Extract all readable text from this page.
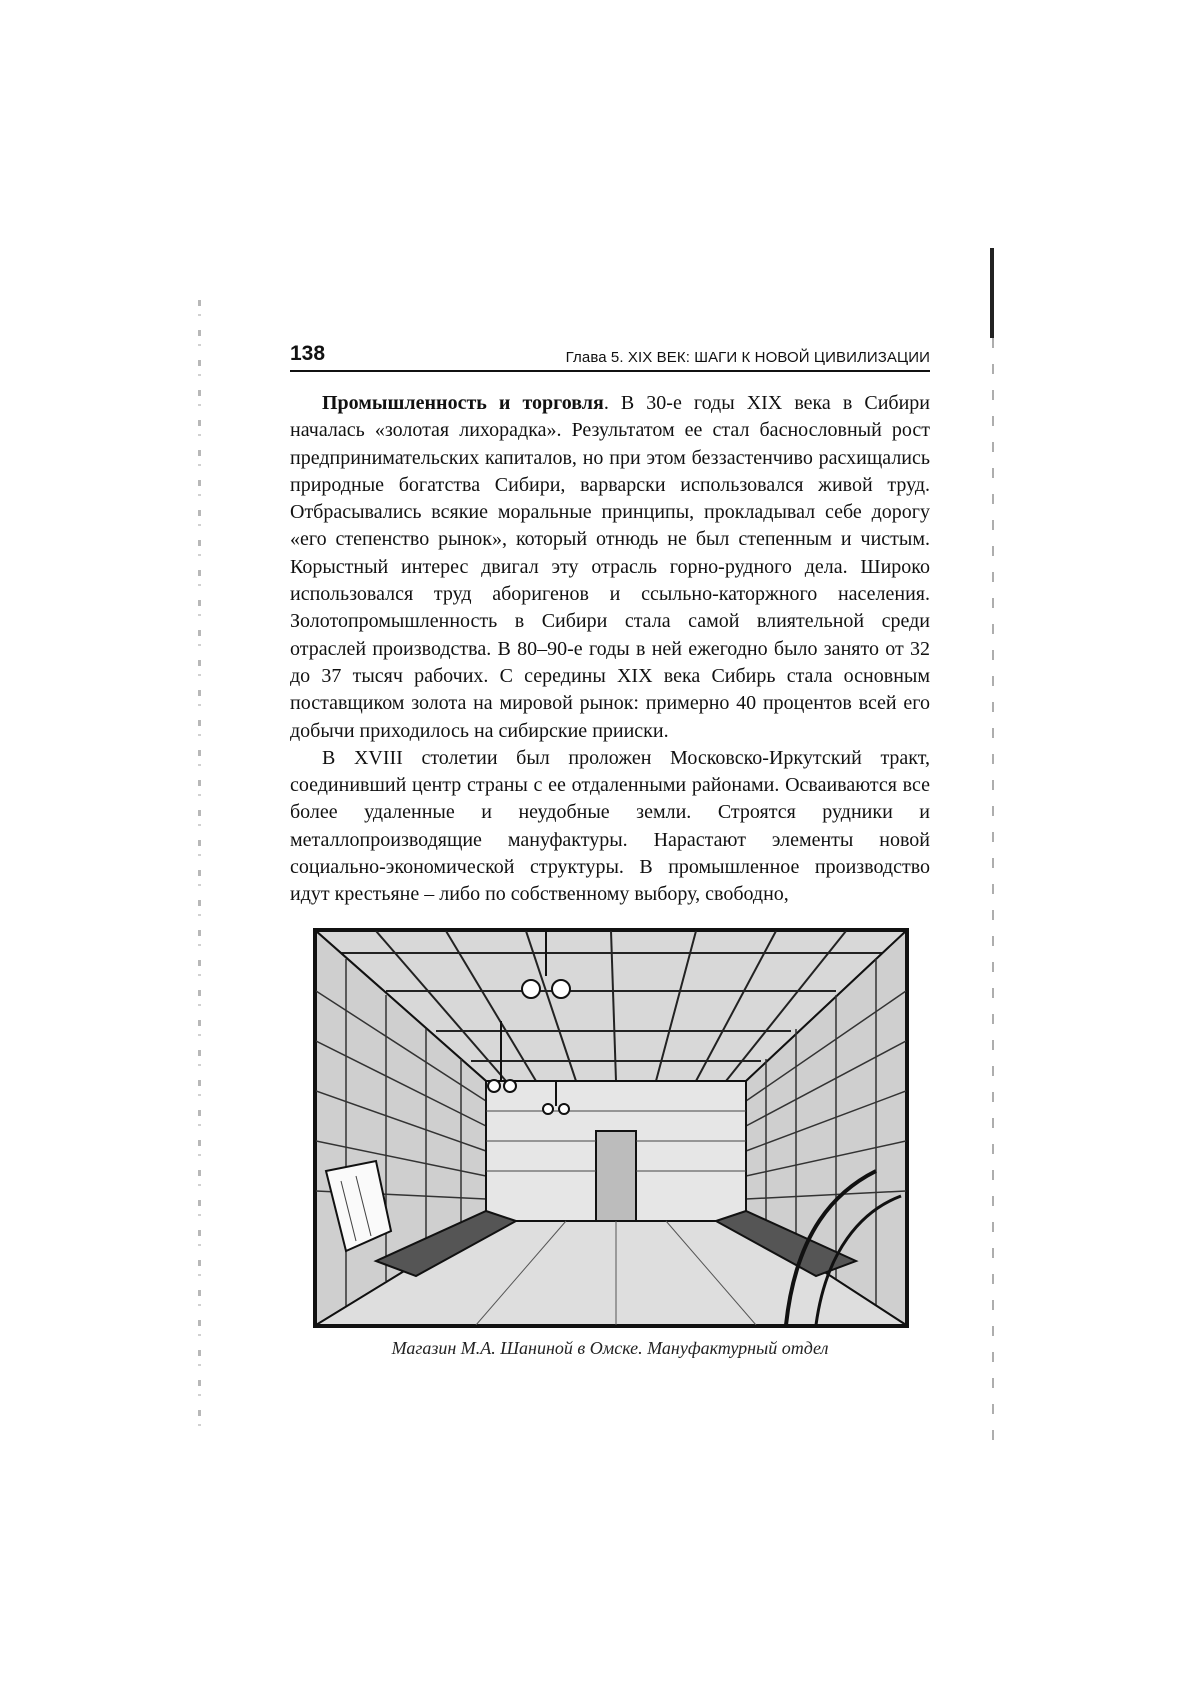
138	Глава 5. XIX ВЕК: ШАГИ К НОВОЙ ЦИВИЛИЗАЦИИ

Промышленность и торговля. В 30-е годы XIX века в Сибири началась «золотая лихорадка». Результатом ее стал баснословный рост предпринимательских капиталов, но при этом беззастенчиво расхищались природные богатства Сибири, варварски использовался живой труд. Отбрасывались всякие моральные принципы, прокладывал себе дорогу «его степенство рынок», который отнюдь не был степенным и чистым. Корыстный интерес двигал эту отрасль горно-рудного дела. Широко использовался труд аборигенов и ссыльно-каторжного населения. Золотопромышленность в Сибири стала самой влиятельной среди отраслей производства. В 80–90-е годы в ней ежегодно было занято от 32 до 37 тысяч рабочих. С середины XIX века Сибирь стала основным поставщиком золота на мировой рынок: примерно 40 процентов всей его добычи приходилось на сибирские прииски.

В XVIII столетии был проложен Московско-Иркутский тракт, соединивший центр страны с ее отдаленными районами. Осваиваются все более удаленные и неудобные земли. Строятся рудники и металлопроизводящие мануфактуры. Нарастают элементы новой социально-экономической структуры. В промышленное производство идут крестьяне – либо по собственному выбору, свободно,

Магазин М.А. Шаниной в Омске. Мануфактурный отдел
